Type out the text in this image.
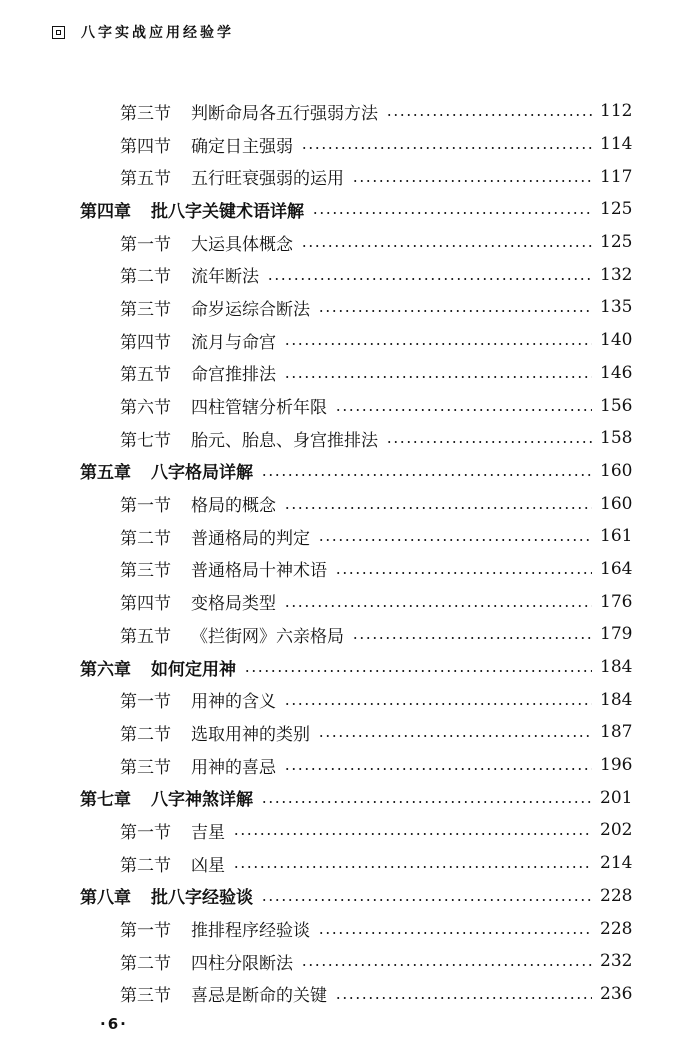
八字实战应用经验学
第三节 判断命局各五行强弱方法	112
第四节 确定日主强弱	114
第五节 五行旺衰强弱的运用	117
第四章 批八字关键术语详解	125
第一节 大运具体概念	125
第二节 流年断法	132
第三节 命岁运综合断法	135
第四节 流月与命宫	140
第五节 命宫推排法	146
第六节 四柱管辖分析年限	156
第七节 胎元、胎息、身宫推排法	158
第五章 八字格局详解	160
第一节 格局的概念	160
第二节 普通格局的判定	161
第三节 普通格局十神术语	164
第四节 变格局类型	176
第五节 《拦街网》六亲格局	179
第六章 如何定用神	184
第一节 用神的含义	184
第二节 选取用神的类别	187
第三节 用神的喜忌	196
第七章 八字神煞详解	201
第一节 吉星	202
第二节 凶星	214
第八章 批八字经验谈	228
第一节 推排程序经验谈	228
第二节 四柱分限断法	232
第三节 喜忌是断命的关键	236
·6·
